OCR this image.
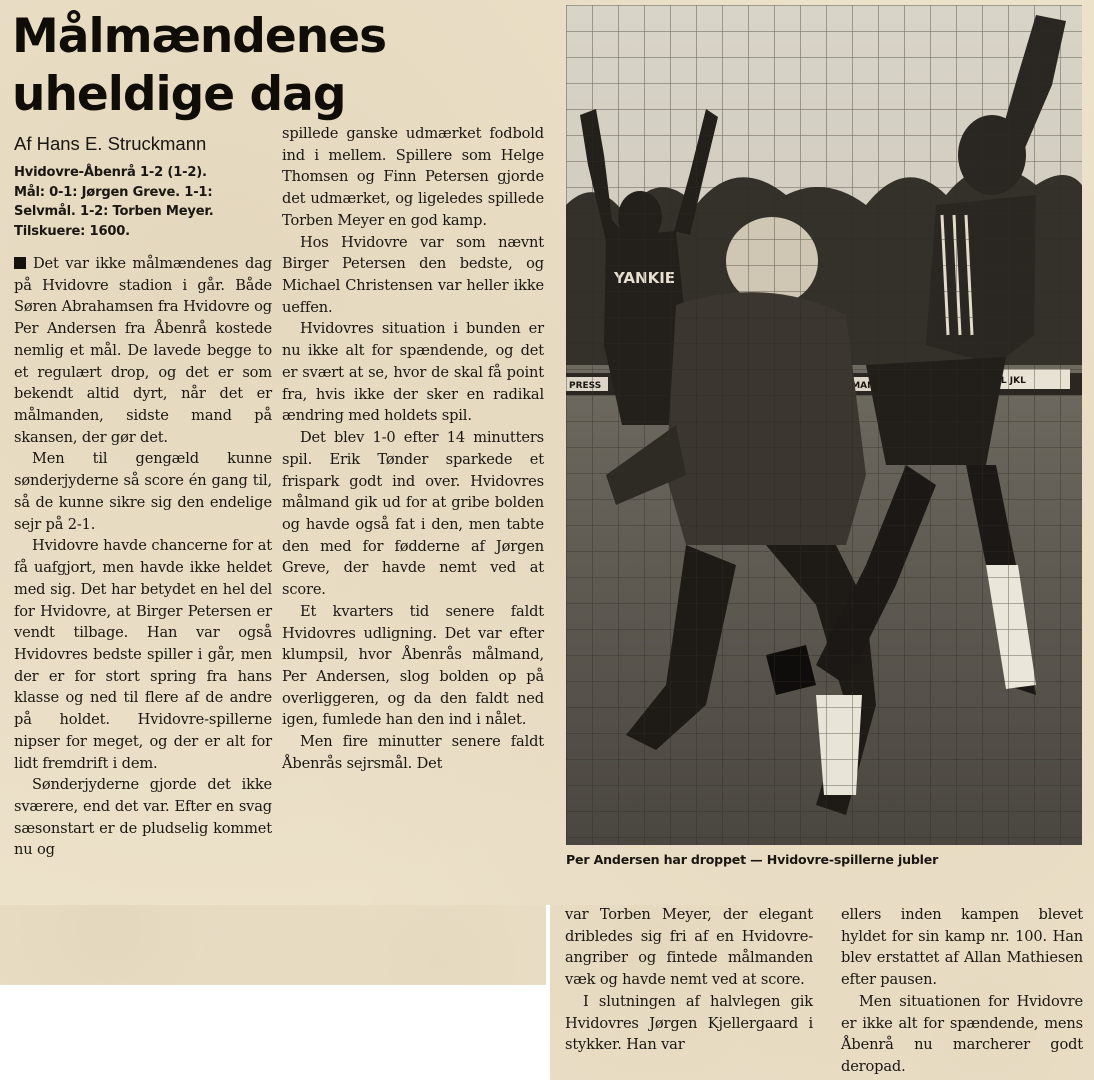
Målmændenes
uheldige dag

Af Hans E. Struckmann

Hvidovre-Åbenrå 1-2 (1-2).

Mål: 0-1: Jørgen Greve. 1-1:

Selvmål. 1-2: Torben Meyer.

Tilskuere: 1600.

Det var ikke målmændenes dag på Hvidovre stadion i går. Både Søren Abrahamsen fra Hvidovre og Per Andersen fra Åbenrå kostede nemlig et mål. De lavede begge to et regulært drop, og det er som bekendt altid dyrt, når det er målmanden, sidste mand på skansen, der gør det.

Men til gengæld kunne sønderjyderne så score én gang til, så de kunne sikre sig den endelige sejr på 2-1.

Hvidovre havde chancerne for at få uafgjort, men havde ikke heldet med sig. Det har betydet en hel del for Hvidovre, at Birger Petersen er vendt tilbage. Han var også Hvidovres bedste spiller i går, men der er for stort spring fra hans klasse og ned til flere af de andre på holdet. Hvidovre-spillerne nipser for meget, og der er alt for lidt fremdrift i dem.

Sønderjyderne gjorde det ikke sværere, end det var. Efter en svag sæsonstart er de pludselig kommet nu og

spillede ganske udmærket fodbold ind i mellem. Spillere som Helge Thomsen og Finn Petersen gjorde det udmærket, og ligeledes spillede Torben Meyer en god kamp.

Hos Hvidovre var som nævnt Birger Petersen den bedste, og Michael Christensen var heller ikke ueffen.

Hvidovres situation i bunden er nu ikke alt for spændende, og det er svært at se, hvor de skal få point fra, hvis ikke der sker en radikal ændring med holdets spil.

Det blev 1-0 efter 14 minutters spil. Erik Tønder sparkede et frispark godt ind over. Hvidovres målmand gik ud for at gribe bolden og havde også fat i den, men tabte den med for fødderne af Jørgen Greve, der havde nemt ved at score.

Et kvarters tid senere faldt Hvidovres udligning. Det var efter klumpsil, hvor Åbenrås målmand, Per Andersen, slog bolden op på overliggeren, og da den faldt ned igen, fumlede han den ind i nålet.

Men fire minutter senere faldt Åbenrås sejrsmål. Det

Per Andersen har droppet — Hvidovre-spillerne jubler

var Torben Meyer, der elegant dribledes sig fri af en Hvidovre-angriber og fintede målmanden væk og havde nemt ved at score.

I slutningen af halvlegen gik Hvidovres Jørgen Kjellergaard i stykker. Han var

ellers inden kampen blevet hyldet for sin kamp nr. 100. Han blev erstattet af Allan Mathiesen efter pausen.

Men situationen for Hvidovre er ikke alt for spændende, mens Åbenrå nu marcherer godt deropad.
